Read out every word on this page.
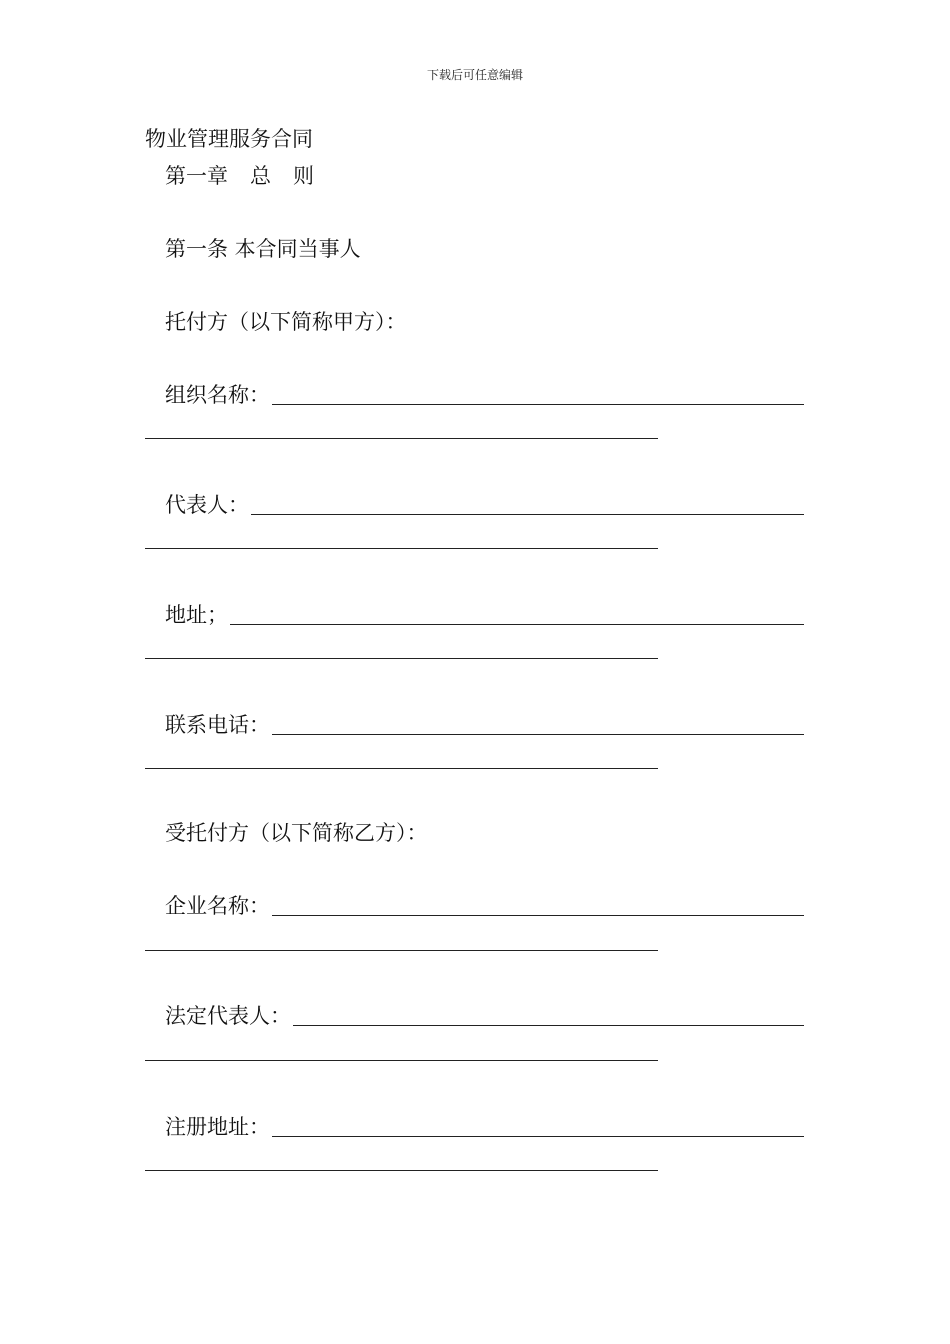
下载后可任意编辑
物业管理服务合同
第一章 总 则
第一条 本合同当事人
托付方（以下简称甲方）：
组织名称：
代表人：
地址；
联系电话：
受托付方（以下简称乙方）：
企业名称：
法定代表人：
注册地址：
